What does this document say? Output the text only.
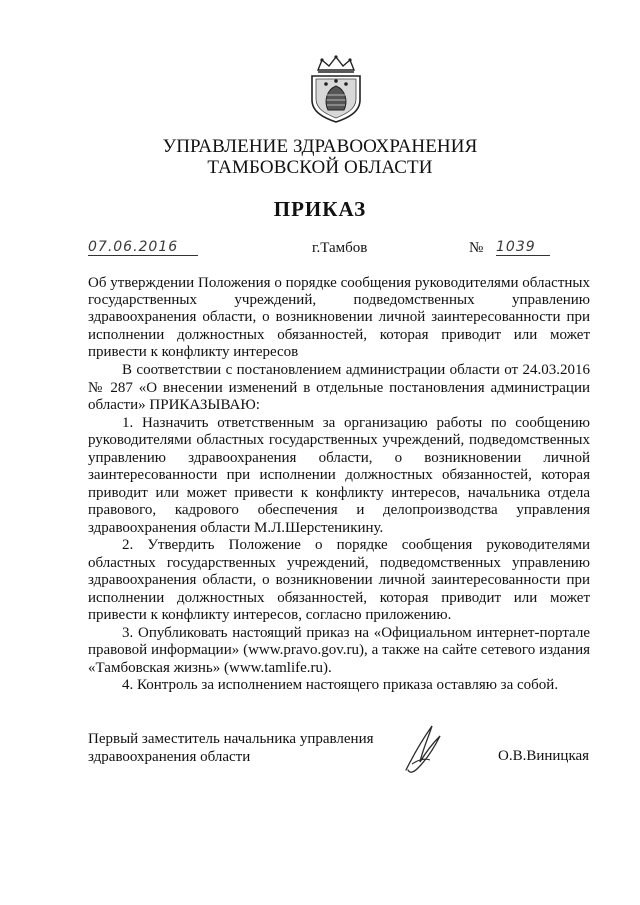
УПРАВЛЕНИЕ ЗДРАВООХРАНЕНИЯ
ТАМБОВСКОЙ ОБЛАСТИ
ПРИКАЗ
07.06.2016	г.Тамбов	№ 1039
Об утверждении Положения о порядке сообщения руководителями областных государственных учреждений, подведомственных управлению здравоохранения области, о возникновении личной заинтересованности при исполнении должностных обязанностей, которая приводит или может привести к конфликту интересов

В соответствии с постановлением администрации области от 24.03.2016 № 287 «О внесении изменений в отдельные постановления администрации области» ПРИКАЗЫВАЮ:

1. Назначить ответственным за организацию работы по сообщению руководителями областных государственных учреждений, подведомственных управлению здравоохранения области, о возникновении личной заинтересованности при исполнении должностных обязанностей, которая приводит или может привести к конфликту интересов, начальника отдела правового, кадрового обеспечения и делопроизводства управления здравоохранения области М.Л.Шерстеникину.

2. Утвердить Положение о порядке сообщения руководителями областных государственных учреждений, подведомственных управлению здравоохранения области, о возникновении личной заинтересованности при исполнении должностных обязанностей, которая приводит или может привести к конфликту интересов, согласно приложению.

3. Опубликовать настоящий приказ на «Официальном интернет-портале правовой информации» (www.pravo.gov.ru), а также на сайте сетевого издания «Тамбовская жизнь» (www.tamlife.ru).

4. Контроль за исполнением настоящего приказа оставляю за собой.

Первый заместитель начальника управления
здравоохранения области	О.В.Виницкая
